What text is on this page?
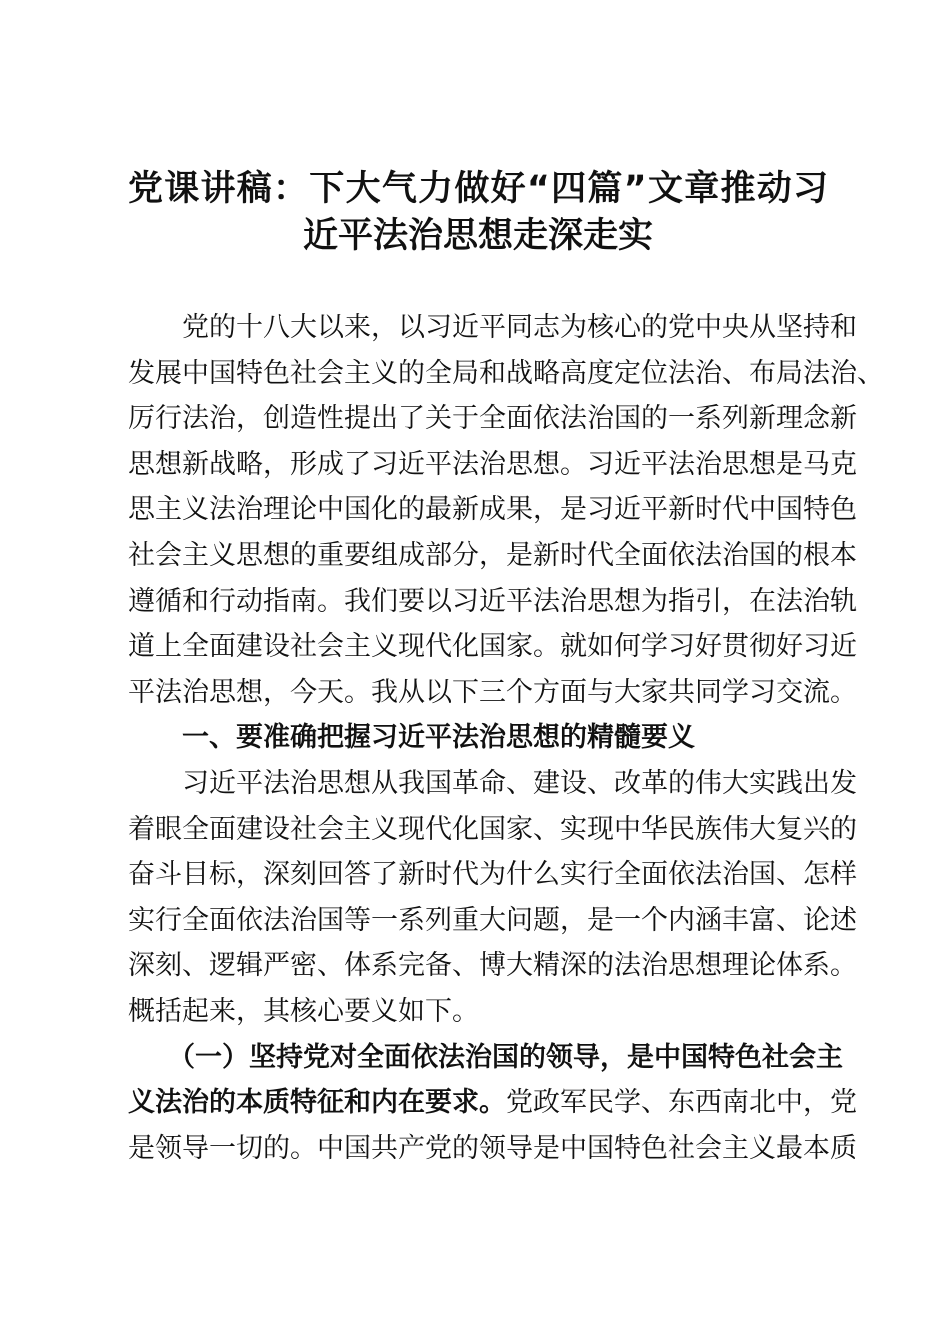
党课讲稿：下大气力做好“四篇”文章推动习
近平法治思想走深走实
党的十八大以来，以习近平同志为核心的党中央从坚持和
发展中国特色社会主义的全局和战略高度定位法治、布局法治、
厉行法治，创造性提出了关于全面依法治国的一系列新理念新
思想新战略，形成了习近平法治思想。习近平法治思想是马克
思主义法治理论中国化的最新成果，是习近平新时代中国特色
社会主义思想的重要组成部分，是新时代全面依法治国的根本
遵循和行动指南。我们要以习近平法治思想为指引，在法治轨
道上全面建设社会主义现代化国家。就如何学习好贯彻好习近
平法治思想，今天。我从以下三个方面与大家共同学习交流。
一、要准确把握习近平法治思想的精髓要义
习近平法治思想从我国革命、建设、改革的伟大实践出发
着眼全面建设社会主义现代化国家、实现中华民族伟大复兴的
奋斗目标，深刻回答了新时代为什么实行全面依法治国、怎样
实行全面依法治国等一系列重大问题，是一个内涵丰富、论述
深刻、逻辑严密、体系完备、博大精深的法治思想理论体系。
概括起来，其核心要义如下。
（一）坚持党对全面依法治国的领导，是中国特色社会主
义法治的本质特征和内在要求。党政军民学、东西南北中，党
是领导一切的。中国共产党的领导是中国特色社会主义最本质
